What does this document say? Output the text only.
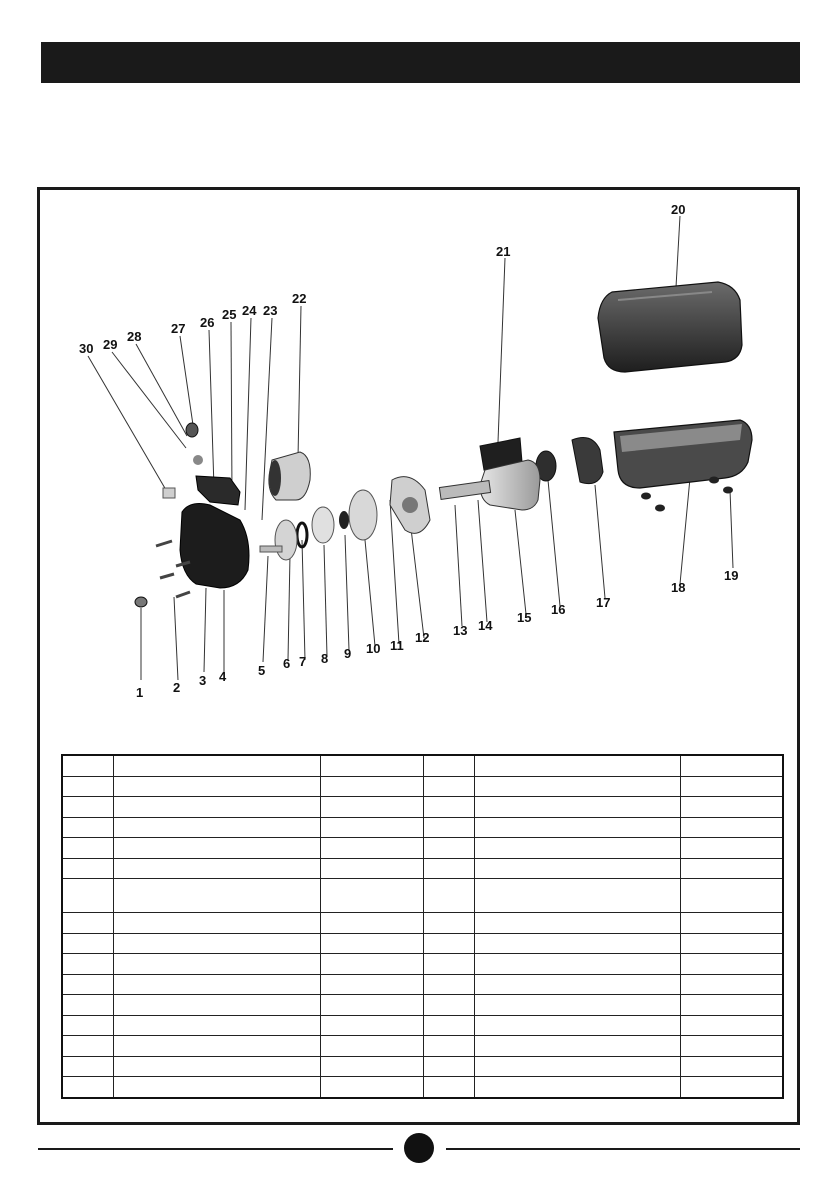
1 2 3 4 5 6 7 8 9 10 11
12 13 14
15
16 17
18
19
20
21
22
23
24
25
26
27
28
29
30
